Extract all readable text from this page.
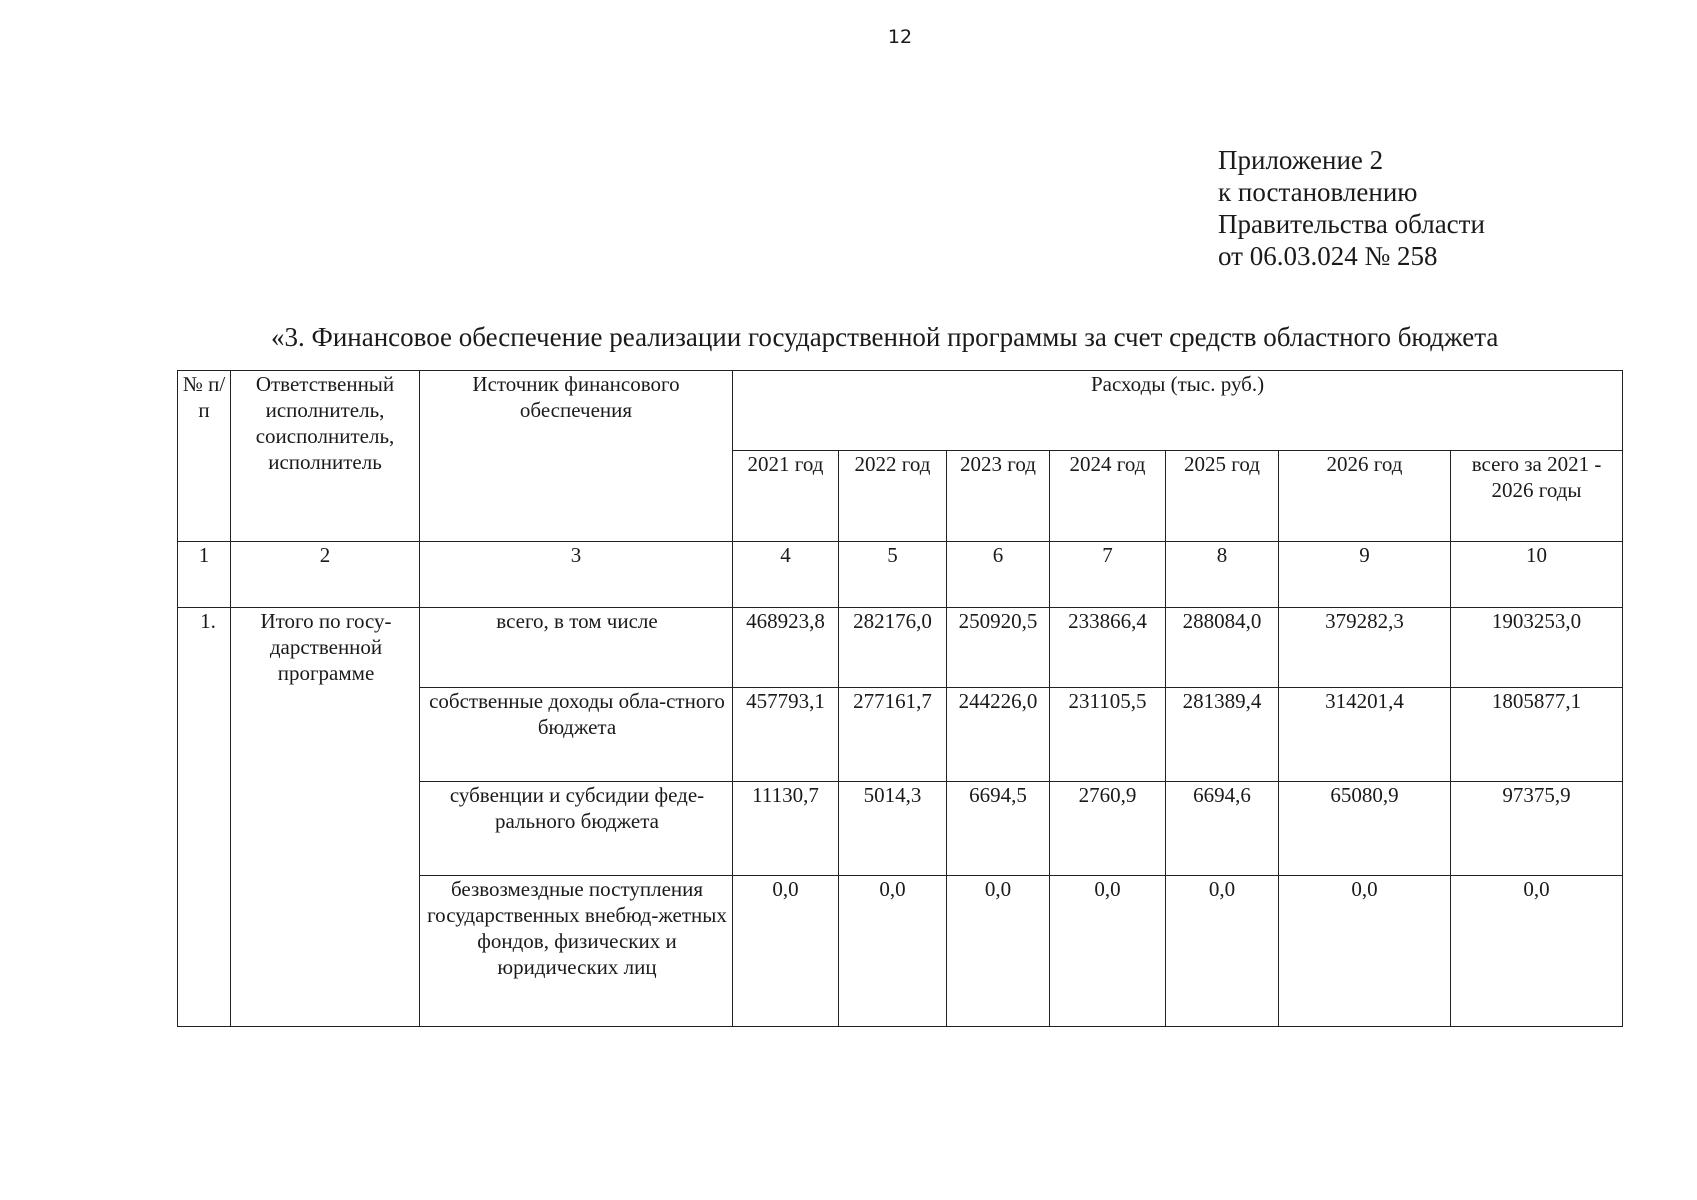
12
Приложение 2
к постановлению
Правительства области
от 06.03.024 № 258
«3. Финансовое обеспечение реализации государственной программы за счет средств областного бюджета
№ п/п	Ответственный исполнитель, соисполнитель, исполнитель	Источник финансового обеспечения	Расходы (тыс. руб.)						
			2021 год	2022 год	2023 год	2024 год	2025 год	2026 год	всего за 2021 - 2026 годы
1	2	3	4	5	6	7	8	9	10
1.	Итого по госу-дарственной программе	всего, в том числе	468923,8	282176,0	250920,5	233866,4	288084,0	379282,3	1903253,0
		собственные доходы обла-стного бюджета	457793,1	277161,7	244226,0	231105,5	281389,4	314201,4	1805877,1
		субвенции и субсидии феде-рального бюджета	11130,7	5014,3	6694,5	2760,9	6694,6	65080,9	97375,9
		безвозмездные поступления государственных внебюд-жетных фондов, физических и юридических лиц	0,0	0,0	0,0	0,0	0,0	0,0	0,0
